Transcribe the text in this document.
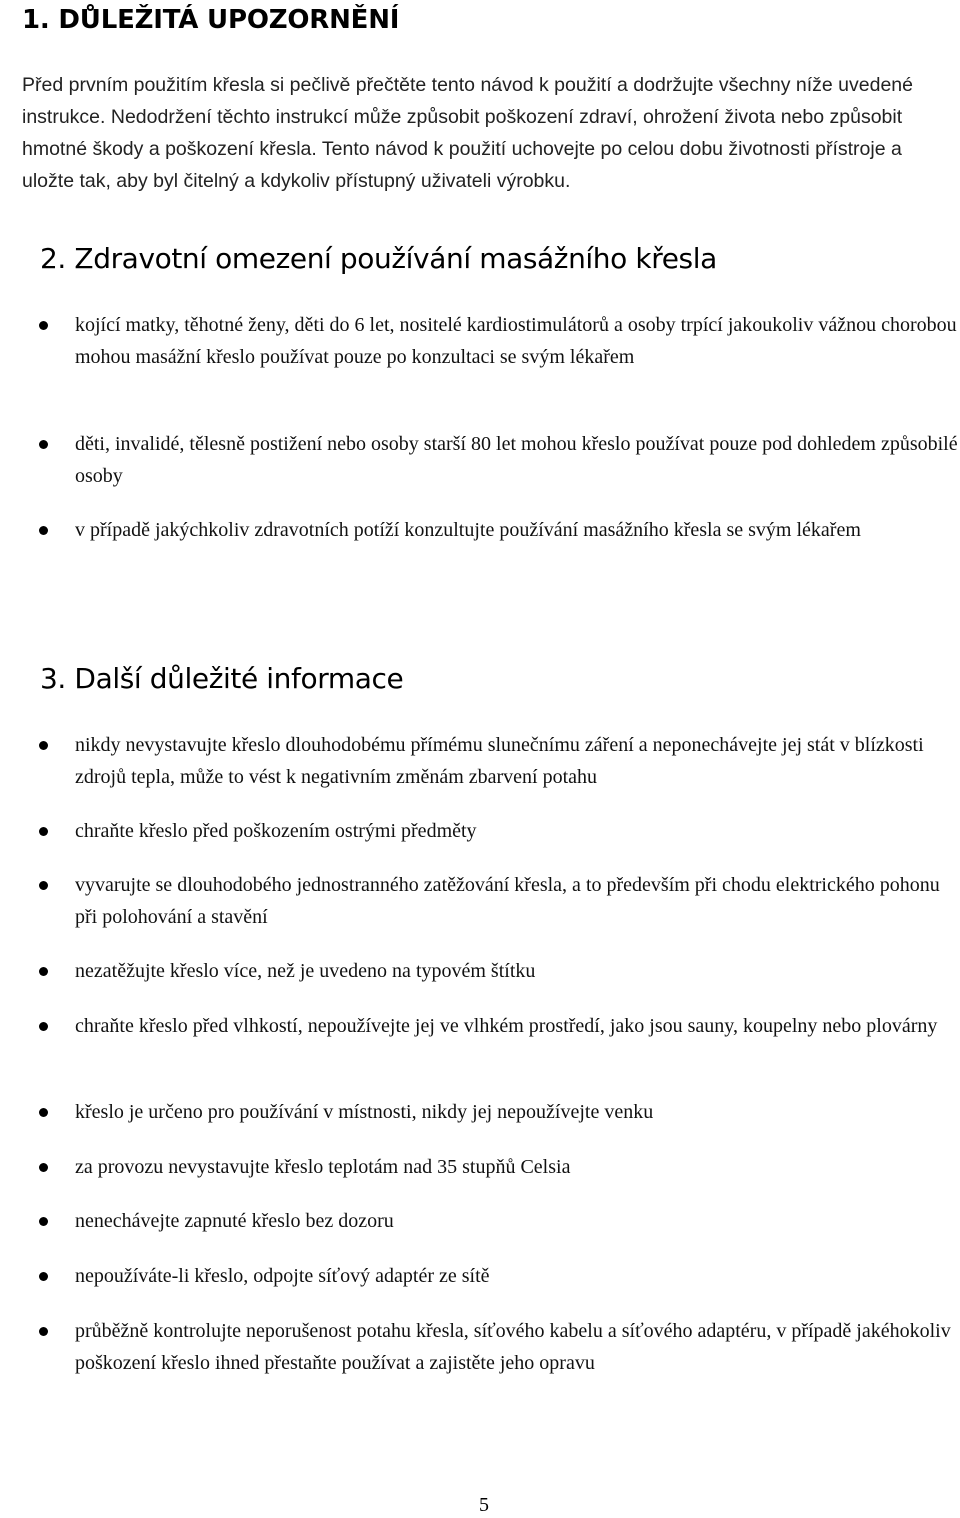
1. DŮLEŽITÁ UPOZORNĚNÍ

Před prvním použitím křesla si pečlivě přečtěte tento návod k použití a dodržujte všechny níže uvedené instrukce. Nedodržení těchto instrukcí může způsobit poškození zdraví, ohrožení života nebo způsobit hmotné škody a poškození křesla. Tento návod k použití uchovejte po celou dobu životnosti přístroje a uložte tak, aby byl čitelný a kdykoliv přístupný uživateli výrobku.

2. Zdravotní omezení používání masážního křesla

kojící matky, těhotné ženy, děti do 6 let, nositelé kardiostimulátorů a osoby trpící jakoukoliv vážnou chorobou mohou masážní křeslo používat pouze po konzultaci se svým lékařem

děti, invalidé, tělesně postižení nebo osoby starší 80 let mohou křeslo používat pouze pod dohledem způsobilé osoby

v případě jakýchkoliv zdravotních potíží konzultujte používání masážního křesla se svým lékařem

3. Další důležité informace

nikdy nevystavujte křeslo dlouhodobému přímému slunečnímu záření a neponechávejte jej stát v blízkosti zdrojů tepla, může to vést k negativním změnám zbarvení potahu

chraňte křeslo před poškozením ostrými předměty

vyvarujte se dlouhodobého jednostranného zatěžování křesla, a to především při chodu elektrického pohonu při polohování a stavění

nezatěžujte křeslo více, než je uvedeno na typovém štítku

chraňte křeslo před vlhkostí, nepoužívejte jej ve vlhkém prostředí, jako jsou sauny, koupelny nebo plovárny

křeslo je určeno pro používání v místnosti, nikdy jej nepoužívejte venku

za provozu nevystavujte křeslo teplotám nad 35 stupňů Celsia

nenechávejte zapnuté křeslo bez dozoru

nepoužíváte-li křeslo, odpojte síťový adaptér ze sítě

průběžně kontrolujte neporušenost potahu křesla, síťového kabelu a síťového adaptéru, v případě jakéhokoliv poškození křeslo ihned přestaňte používat a zajistěte jeho opravu

5
